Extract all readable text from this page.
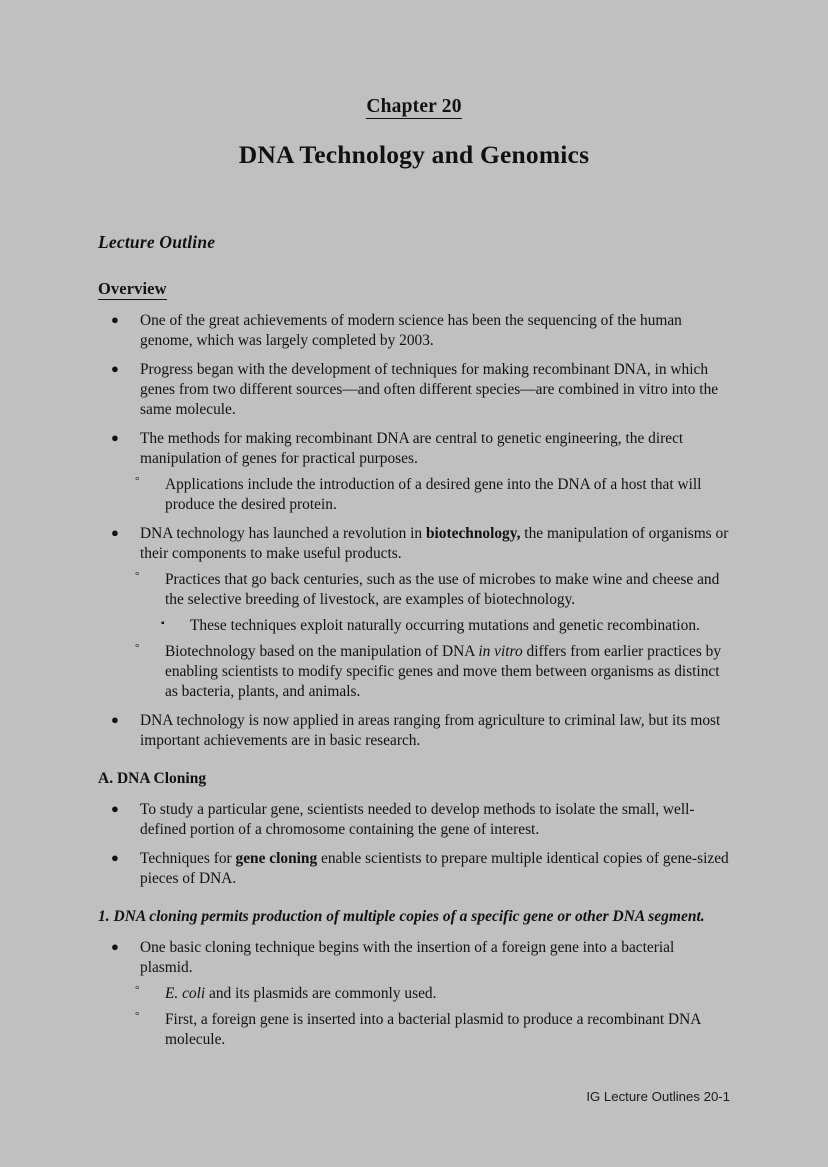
Chapter 20
DNA Technology and Genomics
Lecture Outline
Overview
● One of the great achievements of modern science has been the sequencing of the human genome, which was largely completed by 2003.
● Progress began with the development of techniques for making recombinant DNA, in which genes from two different sources—and often different species—are combined in vitro into the same molecule.
● The methods for making recombinant DNA are central to genetic engineering, the direct manipulation of genes for practical purposes.
° Applications include the introduction of a desired gene into the DNA of a host that will produce the desired protein.
● DNA technology has launched a revolution in biotechnology, the manipulation of organisms or their components to make useful products.
° Practices that go back centuries, such as the use of microbes to make wine and cheese and the selective breeding of livestock, are examples of biotechnology.
▪ These techniques exploit naturally occurring mutations and genetic recombination.
° Biotechnology based on the manipulation of DNA in vitro differs from earlier practices by enabling scientists to modify specific genes and move them between organisms as distinct as bacteria, plants, and animals.
● DNA technology is now applied in areas ranging from agriculture to criminal law, but its most important achievements are in basic research.
A. DNA Cloning
● To study a particular gene, scientists needed to develop methods to isolate the small, well-defined portion of a chromosome containing the gene of interest.
● Techniques for gene cloning enable scientists to prepare multiple identical copies of gene-sized pieces of DNA.
1. DNA cloning permits production of multiple copies of a specific gene or other DNA segment.
● One basic cloning technique begins with the insertion of a foreign gene into a bacterial plasmid.
° E. coli and its plasmids are commonly used.
° First, a foreign gene is inserted into a bacterial plasmid to produce a recombinant DNA molecule.
IG Lecture Outlines 20-1
